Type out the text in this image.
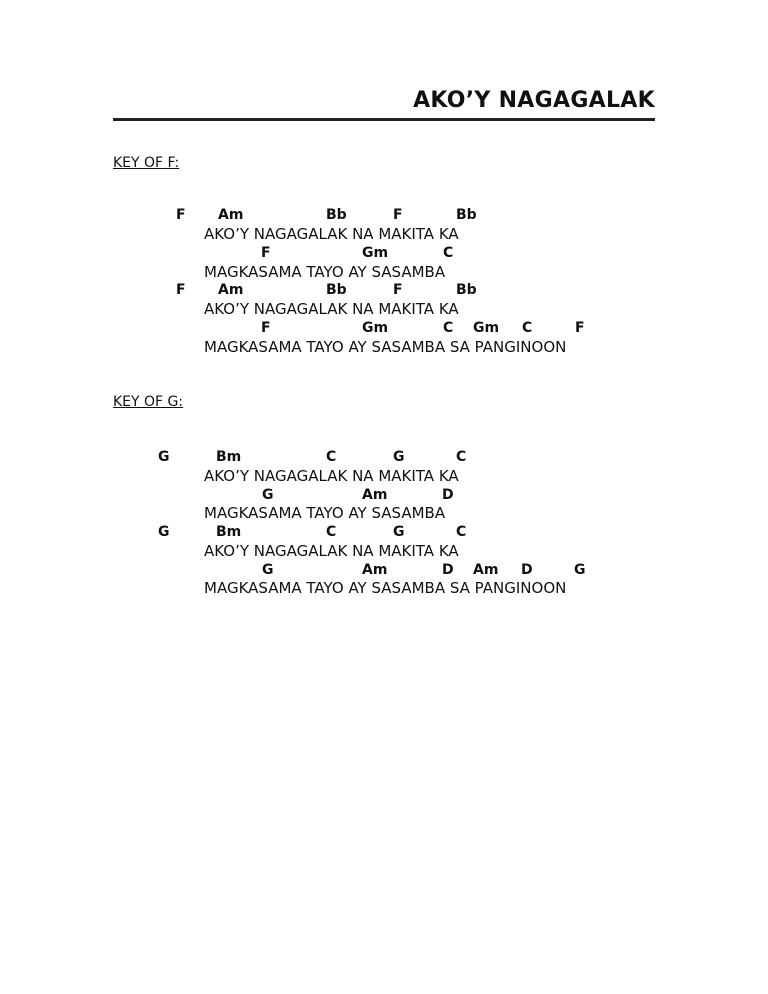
AKO’Y NAGAGALAK
KEY OF F:
F Am	Bb	F	Bb
AKO’Y NAGAGALAK NA MAKITA KA
F	Gm	C
MAGKASAMA TAYO AY SASAMBA
F Am	Bb	F	Bb
AKO’Y NAGAGALAK NA MAKITA KA
F	Gm	C Gm C	F
MAGKASAMA TAYO AY SASAMBA SA PANGINOON
KEY OF G:
G	Bm	C	G	C
AKO’Y NAGAGALAK NA MAKITA KA
G	Am	D
MAGKASAMA TAYO AY SASAMBA
G	Bm	C	G	C
AKO’Y NAGAGALAK NA MAKITA KA
G	Am	D Am D	G
MAGKASAMA TAYO AY SASAMBA SA PANGINOON
